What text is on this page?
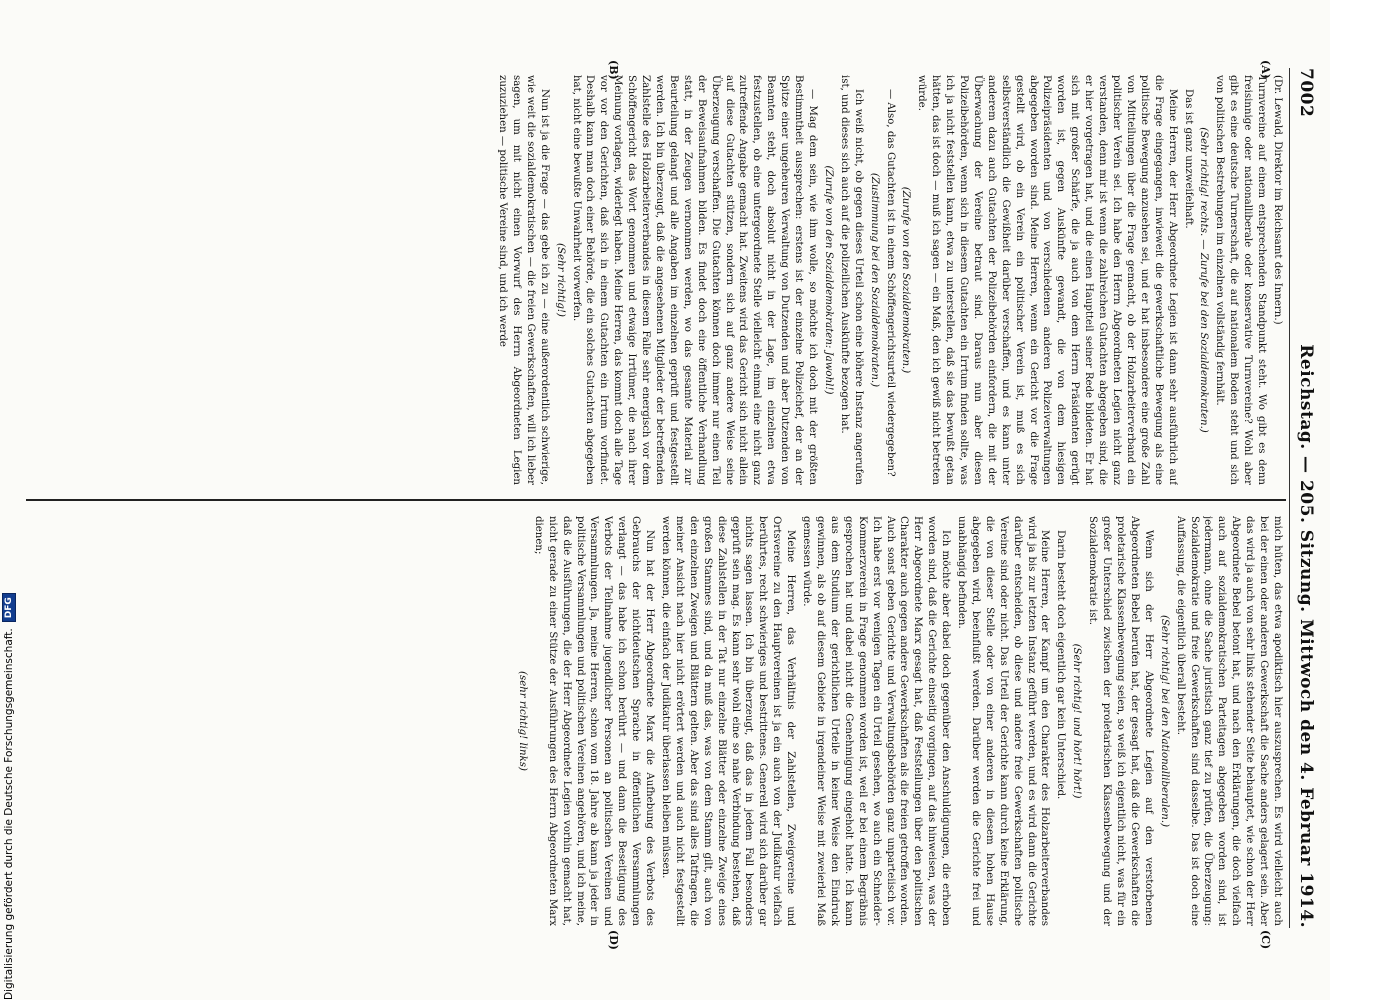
7002
Reichstag. — 205. Sitzung. Mittwoch den 4. Februar 1914.
(A)
(B)
(C)
(D)

(Dr. Lewald, Direktor im Reichsamt des Innern.)

Turnvereine auf einem entsprechenden Standpunkt steht. Wo gibt es denn freisinnige oder nationalliberale oder konservative Turnvereine? Wohl aber gibt es eine deutsche Turnerschaft, die auf nationalem Boden steht und sich von politischen Bestrebungen im einzelnen vollständig fernhält.

(Sehr richtig! rechts. — Zurufe bei den Sozialdemokraten.)

Das ist ganz unzweifelhaft.

Meine Herren, der Herr Abgeordnete Legien ist dann sehr ausführlich auf die Frage eingegangen, inwieweit die gewerkschaftliche Bewegung als eine politische Bewegung anzusehen sei, und er hat insbesondere eine große Zahl von Mitteilungen über die Frage gemacht, ob der Holzarbeiterverband ein politischer Verein sei. Ich habe den Herrn Abgeordneten Legien nicht ganz verstanden, denn mir ist wenn die zahlreichen Gutachten abgegeben sind, die er hier vorgetragen hat, und die einen Hauptteil seiner Rede bildeten. Er hat sich mit großer Schärfe, die ja auch von dem Herrn Präsidenten gerügt worden ist, gegen Auskünfte gewandt, die von dem hiesigen Polizeipräsidenten und von verschiedenen anderen Polizeiverwaltungen abgegeben worden sind. Meine Herren, wenn ein Gericht vor die Frage gestellt wird, ob ein Verein ein politischer Verein ist, muß es sich selbstverständlich die Gewißheit darüber verschaffen, und es kann unter anderem dazu auch Gutachten der Polizeibehörden einfordern, die mit der Überwachung der Vereine betraut sind. Daraus nun aber diesen Polizeibehörden, wenn sich in diesem Gutachten ein Irrtum finden sollte, was ich ja nicht feststellen kann, etwa zu unterstellen, daß sie das bewußt getan hätten, das ist doch — muß ich sagen — ein Maß, den ich gewiß nicht betreten würde.

(Zurufe von den Sozialdemokraten.)

— Also, das Gutachten ist in einem Schöffengerichtsurteil wiedergegeben?

(Zustimmung bei den Sozialdemokraten.)

Ich weiß nicht, ob gegen dieses Urteil schon eine höhere Instanz angerufen ist, und dieses sich auch auf die polizeilichen Auskünfte bezogen hat.

(Zurufe von den Sozialdemokraten: Jawohl!)

— Mag dem sein, wie ihm wolle, so möchte ich doch mit der größten Bestimmtheit aussprechen: erstens ist der einzelne Polizeichef, der an der Spitze einer ungeheuren Verwaltung von Dutzenden und aber Dutzenden von Beamten steht, doch absolut nicht in der Lage, im einzelnen etwa festzustellen, ob eine untergeordnete Stelle vielleicht einmal eine nicht ganz zutreffende Angabe gemacht hat. Zweitens wird das Gericht sich nicht allein auf diese Gutachten stützen, sondern sich auf ganz andere Weise seine Überzeugung verschaffen. Die Gutachten können doch immer nur einen Teil der Beweisaufnahmen bilden. Es findet doch eine öffentliche Verhandlung statt, in der Zeugen vernommen werden, wo das gesamte Material zur Beurteilung gelangt und alle Angaben im einzelnen geprüft und festgestellt werden. Ich bin überzeugt, daß die angesehenen Mitglieder der betreffenden Zahlstelle des Holzarbeiterverbandes in diesem Falle sehr energisch vor dem Schöffengericht das Wort genommen und etwaige Irrtümer, die nach ihrer Meinung vorlagen, widerlegt haben. Meine Herren, das kommt doch alle Tage vor vor den Gerichten, daß sich in einem Gutachten ein Irrtum vorfindet. Deshalb kann man doch einer Behörde, die ein solches Gutachten abgegeben hat, nicht eine bewußte Unwahrheit vorwerfen.

(Sehr richtig!)

Nun ist ja die Frage — das gebe ich zu — eine außerordentlich schwierige, wie weit die sozialdemokratischen — die freien Gewerkschaften, will ich lieber sagen, um mit nicht einen Vorwurf des Herrn Abgeordneten Legien zuzuziehen — politische Vereine sind, und ich werde

mich hüten, das etwa apodiktisch hier auszusprechen. Es wird vielleicht auch bei der einen oder anderen Gewerkschaft die Sache anders gelagert sein. Aber das wird ja auch von sehr links stehender Seite behauptet, wie schon der Herr Abgeordnete Bebel betont hat, und nach den Erklärungen, die doch vielfach auch auf sozialdemokratischen Parteitagen abgegeben worden sind, ist jedermann, ohne die Sache juristisch ganz tief zu prüfen, die Überzeugung: Sozialdemokratie und freie Gewerkschaften sind dasselbe. Das ist doch eine Auffassung, die eigentlich überall besteht.

(Sehr richtig! bei den Nationalliberalen.)

Wenn sich der Herr Abgeordnete Legien auf den verstorbenen Abgeordneten Bebel berufen hat, der gesagt hat, daß die Gewerkschaften die proletarische Klassenbewegung seien, so weiß ich eigentlich nicht, was für ein großer Unterschied zwischen der proletarischen Klassenbewegung und der Sozialdemokratie ist.

(Sehr richtig! und hört! hört!)

Darin besteht doch eigentlich gar kein Unterschied.

Meine Herren, der Kampf um den Charakter des Holzarbeiterverbandes wird ja bis zur letzten Instanz geführt werden, und es wird dann die Gerichte darüber entscheiden, ob diese und andere freie Gewerkschaften politische Vereine sind oder nicht. Das Urteil der Gerichte kann durch keine Erklärung, die von dieser Stelle oder von einer anderen in diesem hohen Hause abgegeben wird, beeinflußt werden. Darüber werden die Gerichte frei und unabhängig befinden.

Ich möchte aber dabei doch gegenüber den Anschuldigungen, die erhoben worden sind, daß die Gerichte einseitig vorgingen, auf das hinweisen, was der Herr Abgeordnete Marx gesagt hat, daß Feststellungen über den politischen Charakter auch gegen andere Gewerkschaften als die freien getroffen worden. Auch sonst geben Gerichte und Verwaltungsbehörden ganz unparteiisch vor. Ich habe erst vor wenigen Tagen ein Urteil gesehen, wo auch ein Schneider-Kommerzverein in Frage genommen worden ist, weil er bei einem Begräbnis gesprochen hat und dabei nicht die Genehmigung eingeholt hatte. Ich kann aus dem Studium der gerichtlichen Urteile in keiner Weise den Eindruck gewinnen, als ob auf diesem Gebiete in irgendeiner Weise mit zweierlei Maß gemessen würde.

Meine Herren, das Verhältnis der Zahlstellen, Zweigvereine und Ortsvereine zu den Hauptvereinen ist ja ein auch von der Judikatur vielfach berührtes, recht schwieriges und bestrittenes. Generell wird sich darüber gar nichts sagen lassen. Ich bin überzeugt, daß das in jedem Fall besonders geprüft sein mag. Es kann sehr wohl eine so nahe Verbindung bestehen, daß diese Zahlstellen in der Tat nur einzelne Blätter oder einzelne Zweige eines großen Stammes sind, und da muß das, was von dem Stamm gilt, auch von den einzelnen Zweigen und Blättern gelten. Aber das sind alles Tatfragen, die meiner Ansicht nach hier nicht erörtert werden und auch nicht festgestellt werden können, die einfach der Judikatur überlassen bleiben müssen.

Nun hat der Herr Abgeordnete Marx die Aufhebung des Verbots des Gebrauchs der nichtdeutschen Sprache in öffentlichen Versammlungen verlangt — das habe ich schon berührt — und dann die Beseitigung des Verbots der Teilnahme jugendlicher Personen an politischen Vereinen und Versammlungen. Ja, meine Herren, schon vom 18. Jahre ab kann ja jeder in politische Versammlungen und politischen Vereinen angehören, und ich meine, daß die Ausführungen, die der Herr Abgeordnete Legien vorhin gemacht hat, nicht gerade zu einer Stütze der Ausführungen des Herrn Abgeordneten Marx dienen;

(sehr richtig! links)

Digitalisierung gefördert durch die Deutsche Forschungsgemeinschaft.
DFG
